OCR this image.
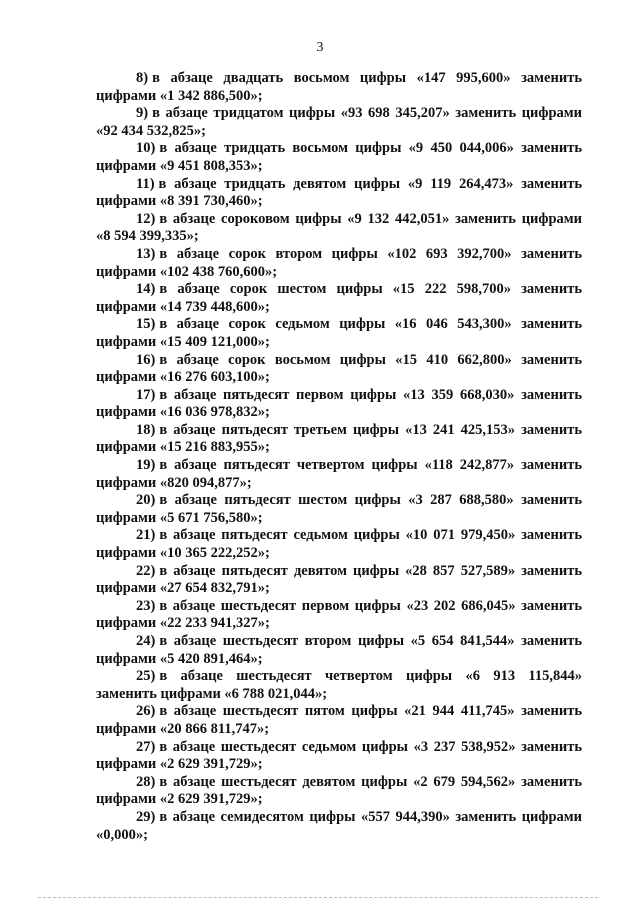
3
8) в абзаце двадцать восьмом цифры «147 995,600» заменить
цифрами «1 342 886,500»;
9) в абзаце тридцатом цифры «93 698 345,207» заменить цифрами
«92 434 532,825»;
10) в абзаце тридцать восьмом цифры «9 450 044,006» заменить
цифрами «9 451 808,353»;
11) в абзаце тридцать девятом цифры «9 119 264,473» заменить
цифрами «8 391 730,460»;
12) в абзаце сороковом цифры «9 132 442,051» заменить цифрами
«8 594 399,335»;
13) в абзаце сорок втором цифры «102 693 392,700» заменить
цифрами «102 438 760,600»;
14) в абзаце сорок шестом цифры «15 222 598,700» заменить
цифрами «14 739 448,600»;
15) в абзаце сорок седьмом цифры «16 046 543,300» заменить
цифрами «15 409 121,000»;
16) в абзаце сорок восьмом цифры «15 410 662,800» заменить
цифрами «16 276 603,100»;
17) в абзаце пятьдесят первом цифры «13 359 668,030» заменить
цифрами «16 036 978,832»;
18) в абзаце пятьдесят третьем цифры «13 241 425,153» заменить
цифрами «15 216 883,955»;
19) в абзаце пятьдесят четвертом цифры «118 242,877» заменить
цифрами «820 094,877»;
20) в абзаце пятьдесят шестом цифры «3 287 688,580» заменить
цифрами «5 671 756,580»;
21) в абзаце пятьдесят седьмом цифры «10 071 979,450» заменить
цифрами «10 365 222,252»;
22) в абзаце пятьдесят девятом цифры «28 857 527,589» заменить
цифрами «27 654 832,791»;
23) в абзаце шестьдесят первом цифры «23 202 686,045» заменить
цифрами «22 233 941,327»;
24) в абзаце шестьдесят втором цифры «5 654 841,544» заменить
цифрами «5 420 891,464»;
25) в абзаце шестьдесят четвертом цифры «6 913 115,844»
заменить цифрами «6 788 021,044»;
26) в абзаце шестьдесят пятом цифры «21 944 411,745» заменить
цифрами «20 866 811,747»;
27) в абзаце шестьдесят седьмом цифры «3 237 538,952» заменить
цифрами «2 629 391,729»;
28) в абзаце шестьдесят девятом цифры «2 679 594,562» заменить
цифрами «2 629 391,729»;
29) в абзаце семидесятом цифры «557 944,390» заменить цифрами
«0,000»;
